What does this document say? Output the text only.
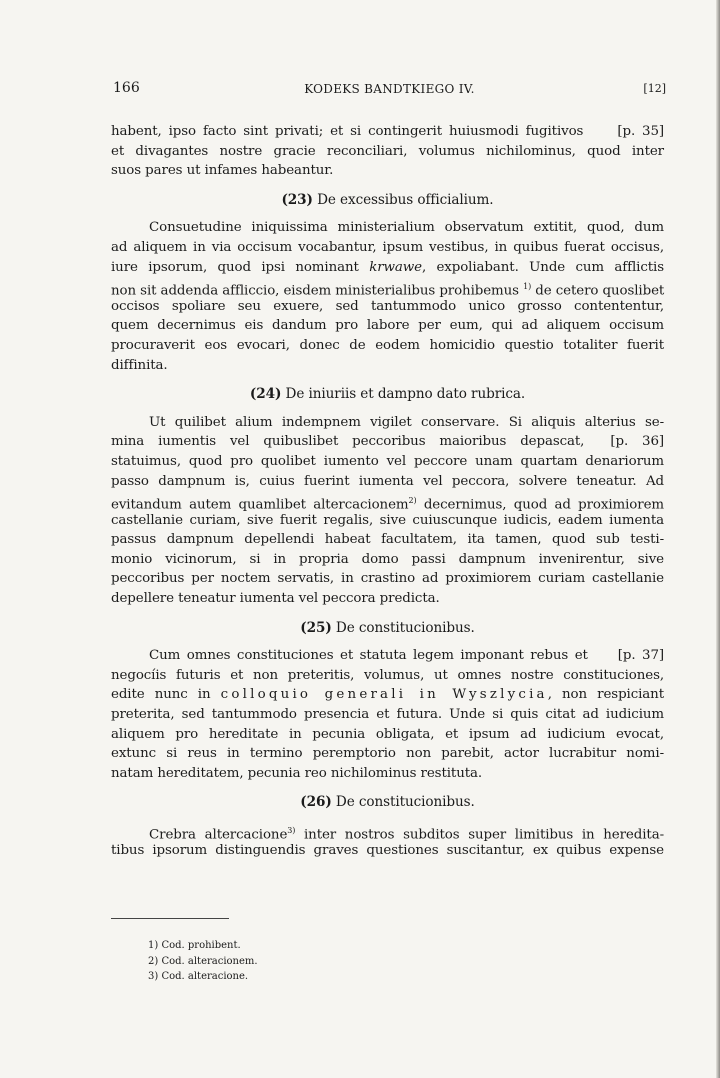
166	KODEKS BANDTKIEGO IV.	[12]
habent, ipso facto sint privati; et si contingerit huiusmodi fugitivos	[p. 35]
et divagantes nostre gracie reconciliari, volumus nichilominus, quod inter
suos pares ut infames habeantur.
(23) De excessibus officialium.
Consuetudine iniquissima ministerialium observatum extitit, quod, dum
ad aliquem in via occisum vocabantur, ipsum vestibus, in quibus fuerat occisus,
iure ipsorum, quod ipsi nominant krwawe, expoliabant. Unde cum afflictis
non sit addenda affliccio, eisdem ministerialibus prohibemus $^{1)}$ de cetero quoslibet
occisos spoliare seu exuere, sed tantummodo unico grosso contententur,
quem decernimus eis dandum pro labore per eum, qui ad aliquem occisum
procuraverit eos evocari, donec de eodem homicidio questio totaliter fuerit
diffinita.
(24) De iniuriis et dampno dato rubrica.
Ut quilibet alium indempnem vigilet conservare. Si aliquis alterius se-
mina iumentis vel quibuslibet peccoribus maioribus depascat, [p. 36]
statuimus, quod pro quolibet iumento vel peccore unam quartam denariorum
passo dampnum is, cuius fuerint iumenta vel peccora, solvere teneatur. Ad
evitandum autem quamlibet altercacionem$^{2)}$ decernimus, quod ad proximiorem
castellanie curiam, sive fuerit regalis, sive cuiuscunque iudicis, eadem iumenta
passus dampnum depellendi habeat facultatem, ita tamen, quod sub testi-
monio vicinorum, si in propria domo passi dampnum invenirentur, sive
peccoribus per noctem servatis, in crastino ad proximiorem curiam castellanie
depellere teneatur iumenta vel peccora predicta.
(25) De constitucionibus.
Cum omnes constituciones et statuta legem imponant rebus et [p. 37]
negocíis futuris et non preteritis, volumus, ut omnes nostre constituciones,
edite nunc in colloquio generali in Wyszlycia, non respiciant
preterita, sed tantummodo presencia et futura. Unde si quis citat ad iudicium
aliquem pro hereditate in pecunia obligata, et ipsum ad iudicium evocat,
extunc si reus in termino peremptorio non parebit, actor lucrabitur nomi-
natam hereditatem, pecunia reo nichilominus restituta.
(26) De constitucionibus.
Crebra altercacione$^{3)}$ inter nostros subditos super limitibus in heredita-
tibus ipsorum distinguendis graves questiones suscitantur, ex quibus expense
1) Cod. prohibent.
2) Cod. alteracionem.
3) Cod. alteracione.
